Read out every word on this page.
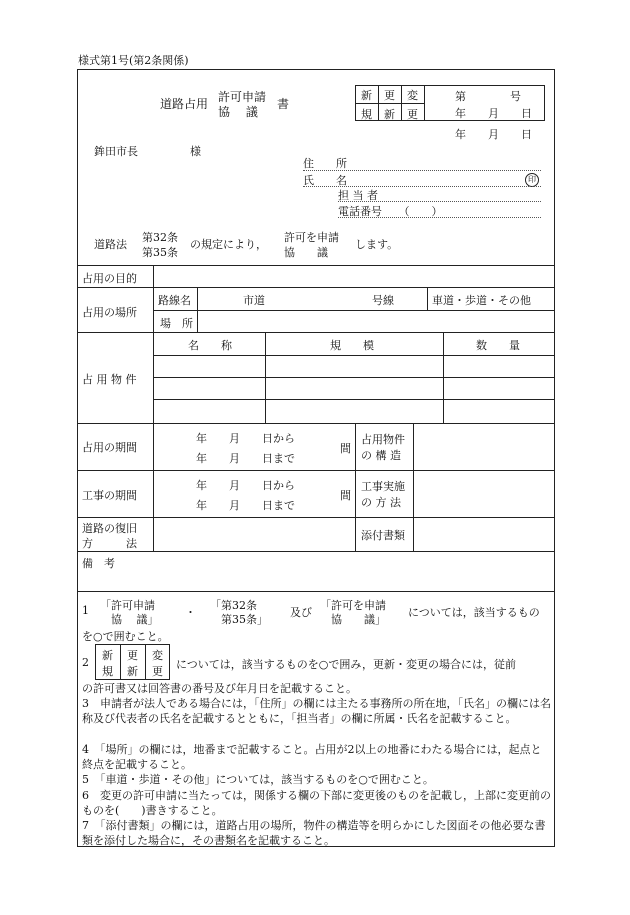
様式第1号(第2条関係)
道路占用 許可申請
協　 議
書
新 更 変
規 新 更
第　　　　号
年　　月　　日
年　　月　　日
鉾田市長	様
住　　所
氏　　名	印
担 当 者
電話番号　　（　　）
道路法
第32条
第35条
の規定により，
許可を申請
協　　議
します。
占用の目的
占用の場所
路線名	市道	号線	車道・歩道・その他
場　所
占 用 物 件
名　　称	規　　模	数　　量
占用の期間
年　　月　　日から
年　　月　　日まで
間
占用物件
の 構 造
工事の期間
年　　月　　日から
年　　月　　日まで
間
工事実施
の 方 法
道路の復旧
方　　　法
添付書類
備　考
1 「許可申請
　協　 議」
・
「第32条
　第35条」
及び
「許可を申請
　協　　議」
については，該当するもの
を○で囲むこと。
2
新 更 変
規 新 更
については，該当するものを○で囲み，更新・変更の場合には，従前
の許可書又は回答書の番号及び年月日を記載すること。
3　申請者が法人である場合には，「住所」の欄には主たる事務所の所在地，「氏名」の欄には名称及び代表者の氏名を記載するとともに，「担当者」の欄に所属・氏名を記載すること。
4　「場所」の欄には，地番まで記載すること。占用が2以上の地番にわたる場合には，起点と終点を記載すること。
5　「車道・歩道・その他」については，該当するものを○で囲むこと。
6　変更の許可申請に当たっては，関係する欄の下部に変更後のものを記載し，上部に変更前のものを(　　)書きすること。
7　「添付書類」の欄には，道路占用の場所，物件の構造等を明らかにした図面その他必要な書類を添付した場合に，その書類名を記載すること。
